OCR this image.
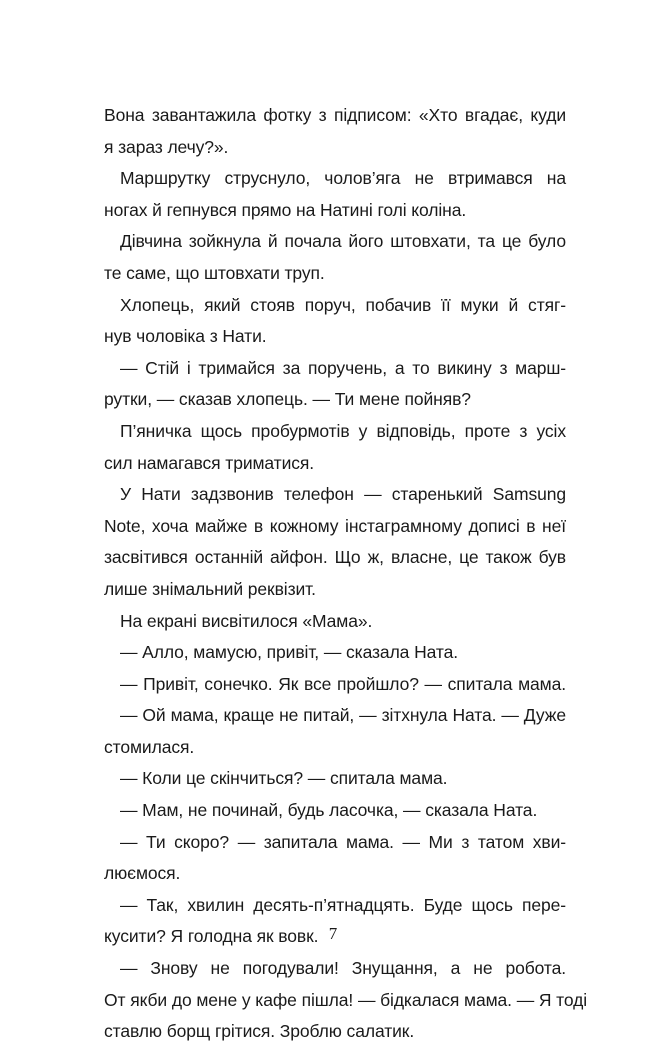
Вона завантажила фотку з підписом: «Хто вгадає, куди
я зараз лечу?».
Маршрутку струснуло, чолов’яга не втримався на
ногах й гепнувся прямо на Натині голі коліна.
Дівчина зойкнула й почала його штовхати, та це було
те саме, що штовхати труп.
Хлопець, який стояв поруч, побачив її муки й стяг-
нув чоловіка з Нати.
— Стій і тримайся за поручень, а то викину з марш-
рутки, — сказав хлопець. — Ти мене пойняв?
П’яничка щось пробурмотів у відповідь, проте з усіх
сил намагався триматися.
У Нати задзвонив телефон — старенький Samsung
Note, хоча майже в кожному інстаграмному дописі в неї
засвітився останній айфон. Що ж, власне, це також був
лише знімальний реквізит.
На екрані висвітилося «Мама».
— Алло, мамусю, привіт, — сказала Ната.
— Привіт, сонечко. Як все пройшло? — спитала мама.
— Ой мама, краще не питай, — зітхнула Ната. — Дуже
стомилася.
— Коли це скінчиться? — спитала мама.
— Мам, не починай, будь ласочка, — сказала Ната.
— Ти скоро? — запитала мама. — Ми з татом хви-
люємося.
— Так, хвилин десять-п’ятнадцять. Буде щось пере-
кусити? Я голодна як вовк.
— Знову не погодували! Знущання, а не робота.
От якби до мене у кафе пішла! — бідкалася мама. — Я тоді
ставлю борщ грітися. Зроблю салатик.
7
